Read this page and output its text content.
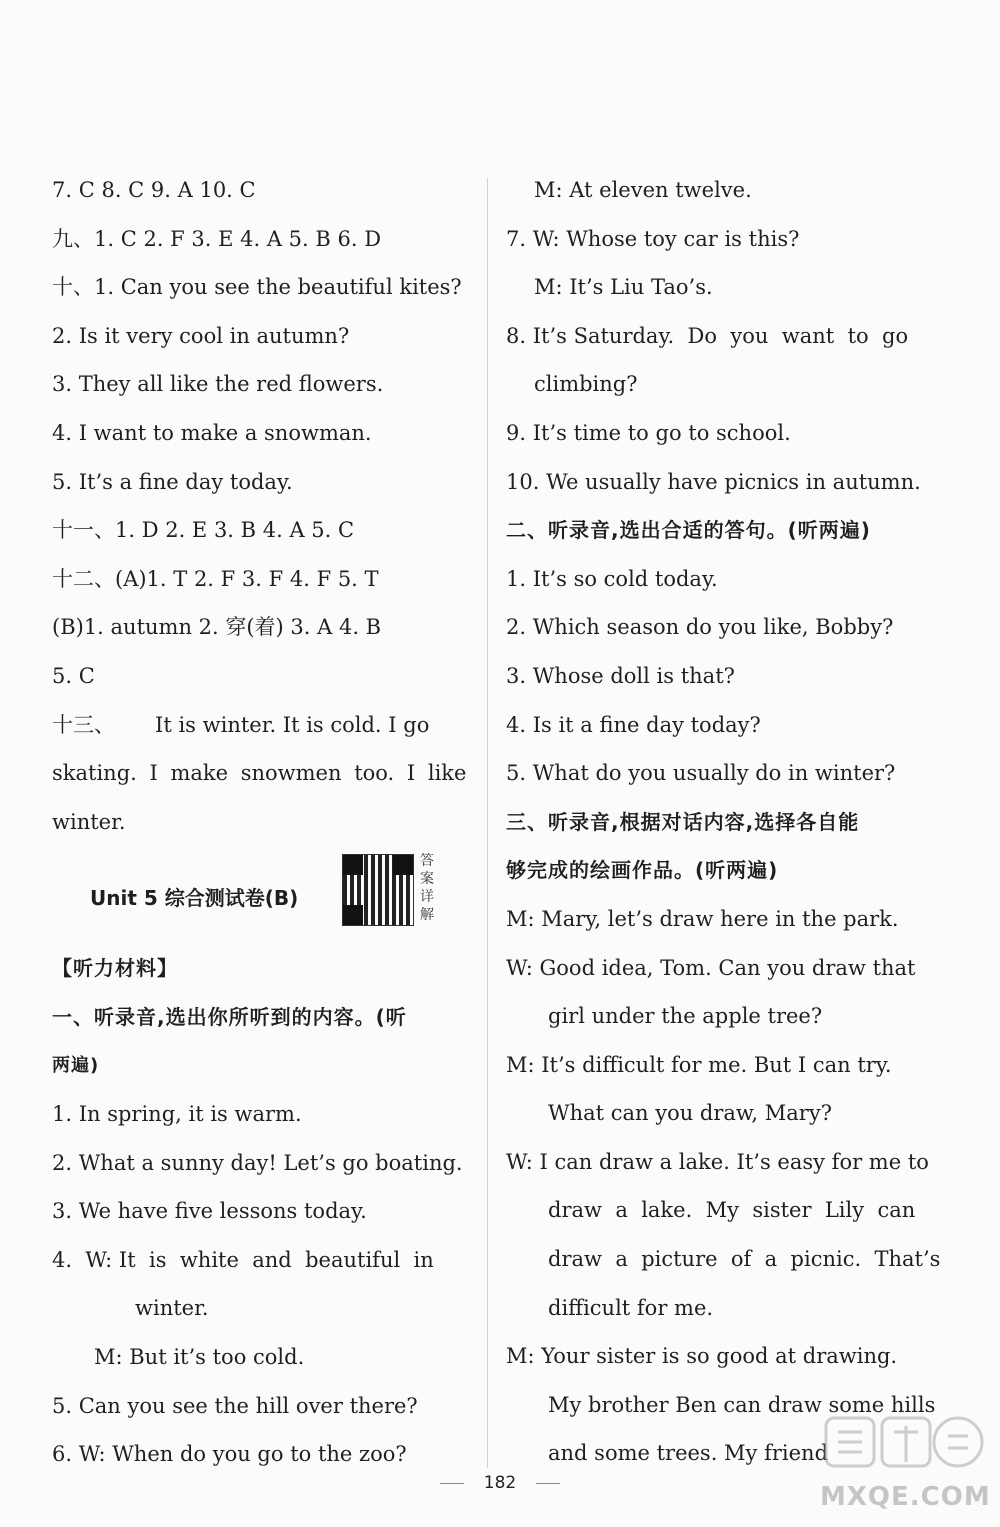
7. C 8. C 9. A 10. C
九、1. C 2. F 3. E 4. A 5. B 6. D
十、1. Can you see the beautiful kites?
2. Is it very cool in autumn?
3. They all like the red flowers.
4. I want to make a snowman.
5. It’s a fine day today.
十一、1. D 2. E 3. B 4. A 5. C
十二、(A)1. T 2. F 3. F 4. F 5. T
(B)1. autumn 2. 穿(着) 3. A 4. B
5. C
十三、      It is winter. It is cold. I go
skating. I make snowmen too. I like
winter.
Unit 5 综合测试卷(B)
答案详解
【听力材料】
一、听录音,选出你所听到的内容。(听
两遍)
1. In spring, it is warm.
2. What a sunny day! Let’s go boating.
3. We have five lessons today.
4.  W: It  is  white  and  beautiful  in
winter.
M: But it’s too cold.
5. Can you see the hill over there?
6. W: When do you go to the zoo?
M: At eleven twelve.
7. W: Whose toy car is this?
M: It’s Liu Tao’s.
8. It’s Saturday.  Do  you  want  to  go
climbing?
9. It’s time to go to school.
10. We usually have picnics in autumn.
二、听录音,选出合适的答句。(听两遍)
1. It’s so cold today.
2. Which season do you like, Bobby?
3. Whose doll is that?
4. Is it a fine day today?
5. What do you usually do in winter?
三、听录音,根据对话内容,选择各自能
够完成的绘画作品。(听两遍)
M: Mary, let’s draw here in the park.
W: Good idea, Tom. Can you draw that
girl under the apple tree?
M: It’s difficult for me. But I can try.
What can you draw, Mary?
W: I can draw a lake. It’s easy for me to
draw  a  lake.  My  sister  Lily  can
draw  a  picture  of  a  picnic.  That’s
difficult for me.
M: Your sister is so good at drawing.
My brother Ben can draw some hills
and some trees. My friend
182	MXQE.COM
